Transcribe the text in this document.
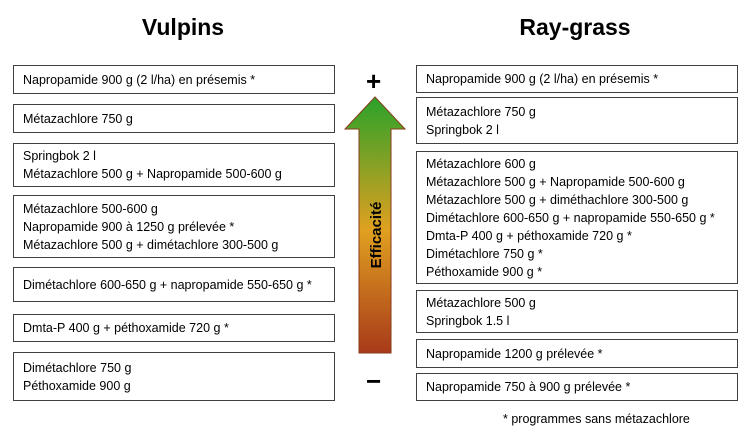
Vulpins	Ray-grass
Napropamide 900 g (2 l/ha) en présemis *
Métazachlore 750 g
Springbok 2 l
Métazachlore 500 g + Napropamide 500-600 g
Métazachlore 500-600 g
Napropamide 900 à 1250 g prélevée *
Métazachlore 500 g + dimétachlore 300-500 g
Dimétachlore 600-650 g + napropamide 550-650 g *
Dmta-P 400 g + péthoxamide 720 g *
Dimétachlore 750 g
Péthoxamide 900 g
+
Efficacité
−
Napropamide 900 g (2 l/ha) en présemis *
Métazachlore 750 g
Springbok 2 l
Métazachlore 600 g
Métazachlore 500 g + Napropamide 500-600 g
Métazachlore 500 g + diméthachlore 300-500 g
Dimétachlore 600-650 g + napropamide 550-650 g *
Dmta-P 400 g + péthoxamide 720 g *
Dimétachlore 750 g *
Péthoxamide 900 g *
Métazachlore 500 g
Springbok 1.5 l
Napropamide 1200 g prélevée *
Napropamide 750 à 900 g prélevée *
* programmes sans métazachlore
